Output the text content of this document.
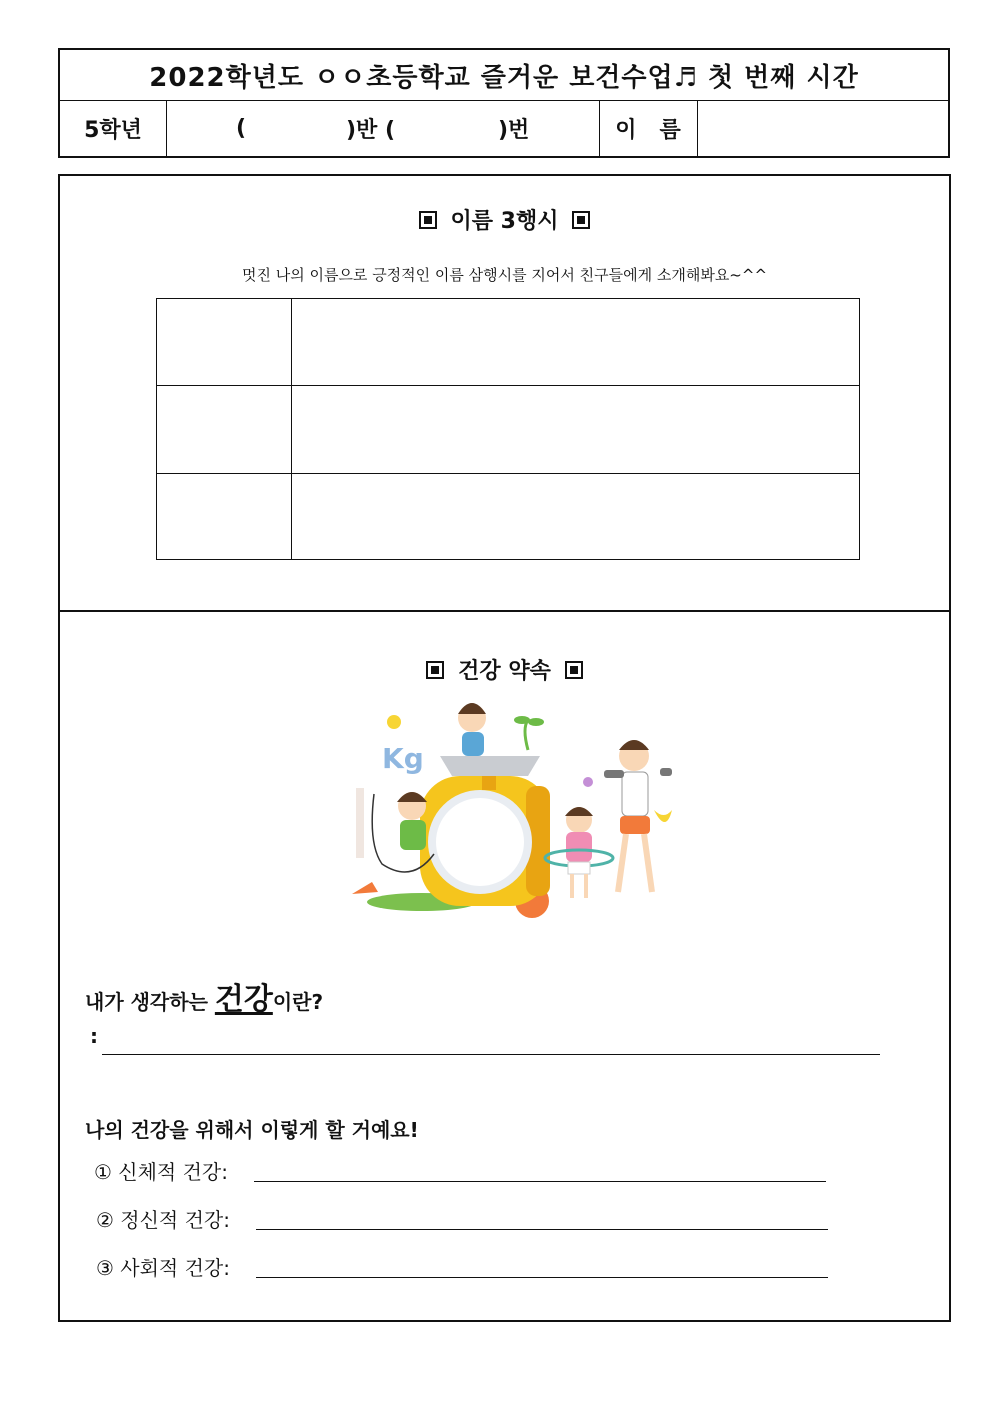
2022학년도 ㅇㅇ초등학교 즐거운 보건수업♬ 첫 번째 시간
5학년	(	)반 (	)번	이   름
이름 3행시
멋진 나의 이름으로 긍정적인 이름 삼행시를 지어서 친구들에게 소개해봐요~^^
건강 약속
Kg
내가 생각하는 건강이란?
:
나의 건강을 위해서 이렇게 할 거예요!
① 신체적 건강:
② 정신적 건강:
③ 사회적 건강:
